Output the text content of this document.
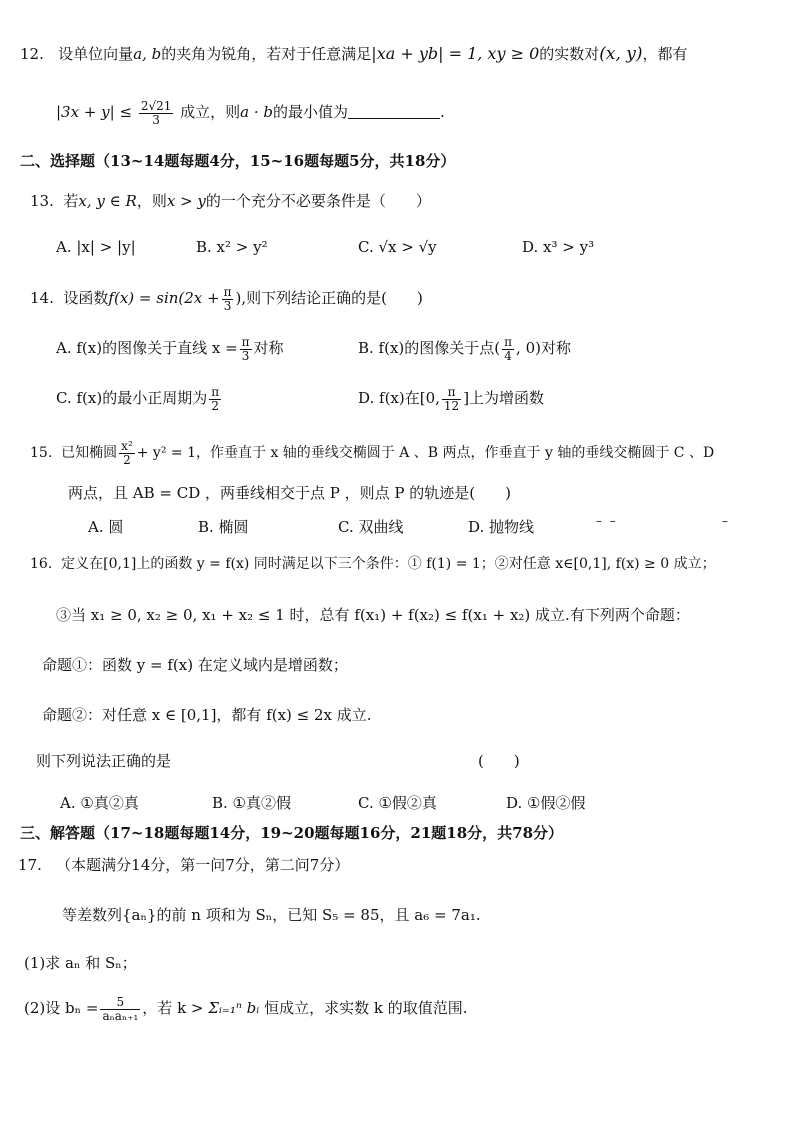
12. 设单位向量a, b的夹角为锐角，若对于任意满足|xa + yb| = 1, xy ≥ 0的实数对(x, y)，都有
$|3x + y| \le \frac{2√21}{3}$ 成立，则a · b的最小值为	.
二、选择题（13~14题每题4分，15~16题每题5分，共18分）
13. 若x, y ∈ R，则x > y的一个充分不必要条件是（　　）
A. |x| > |y|	B. x² > y²	C. √x > √y	D. x³ > y³
14. 设函数$f(x) = \sin(2x + \frac{\pi}{3}$ ),则下列结论正确的是(　　)
A. f(x)的图像关于直线 $x = \frac{\pi}{3}$ 对称	B. f(x)的图像关于点( $\frac{\pi}{4}$ , 0)对称
C. f(x)的最小正周期为 $\frac{\pi}{2}$	D. f(x)在[0, $\frac{\pi}{12}$ ]上为增函数
15. 已知椭圆 $\frac{\text{x²}}{2} + y^2 = 1$，作垂直于 x 轴的垂线交椭圆于 A 、B 两点，作垂直于 y 轴的垂线交椭圆于 C 、D
两点，且 AB = CD ，两垂线相交于点 P ，则点 P 的轨迹是(　　)
A. 圆	B. 椭圆	C. 双曲线	D. 抛物线	–  –	–
16. 定义在[0,1]上的函数 y = f(x) 同时满足以下三个条件：① f(1) = 1；②对任意 x∈[0,1], f(x) ≥ 0 成立；
③当 x₁ ≥ 0, x₂ ≥ 0, x₁ + x₂ ≤ 1 时，总有 f(x₁) + f(x₂) ≤ f(x₁ + x₂) 成立.有下列两个命题：
命题①：函数 y = f(x) 在定义域内是增函数；
命题②：对任意 x ∈ [0,1]，都有 f(x) ≤ 2x 成立.
则下列说法正确的是	(　　)
A. ①真②真	B. ①真②假	C. ①假②真	D. ①假②假
三、解答题（17~18题每题14分，19~20题每题16分，21题18分，共78分）
17. （本题满分14分，第一问7分，第二问7分）
等差数列{aₙ}的前 n 项和为 Sₙ，已知 S₅ = 85，且 a₆ = 7a₁.
(1)求 aₙ 和 Sₙ；
(2)设 $b_n = \frac{5}{\text{aₙaₙ₊₁}}$ ，若 k > Σᵢ₌₁ⁿ bᵢ 恒成立，求实数 k 的取值范围.
